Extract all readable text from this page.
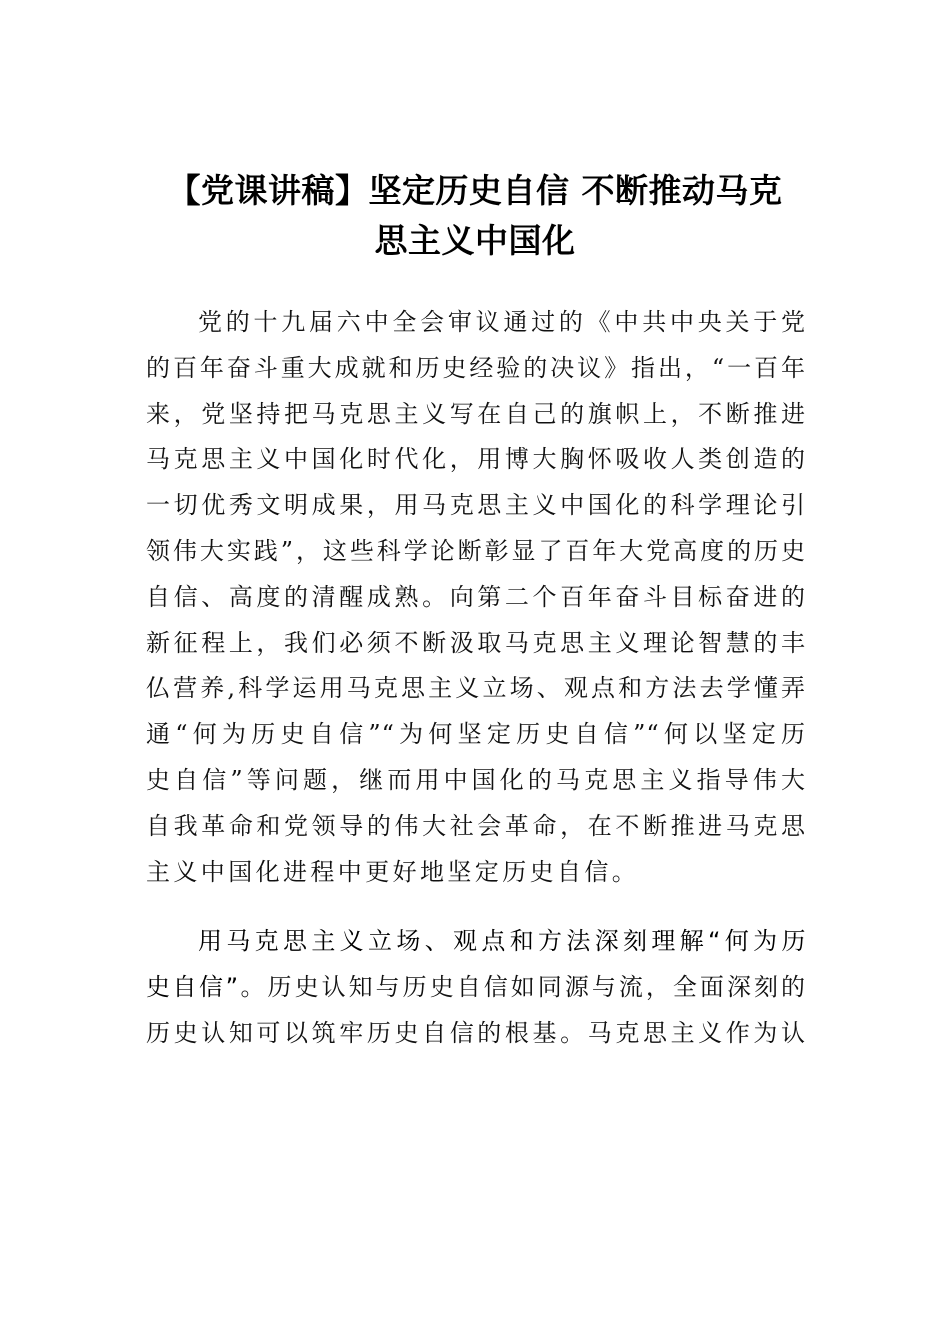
【党课讲稿】坚定历史自信 不断推动马克
思主义中国化
党的十九届六中全会审议通过的《中共中央关于党
的百年奋斗重大成就和历史经验的决议》指出，“一百年
来，党坚持把马克思主义写在自己的旗帜上，不断推进
马克思主义中国化时代化，用博大胸怀吸收人类创造的
一切优秀文明成果，用马克思主义中国化的科学理论引
领伟大实践”，这些科学论断彰显了百年大党高度的历史
自信、高度的清醒成熟。向第二个百年奋斗目标奋进的
新征程上，我们必须不断汲取马克思主义理论智慧的丰
仏营养,科学运用马克思主义立场、观点和方法去学懂弄
通“何为历史自信”“为何坚定历史自信”“何以坚定历
史自信”等问题，继而用中国化的马克思主义指导伟大
自我革命和党领导的伟大社会革命，在不断推进马克思
主义中国化进程中更好地坚定历史自信。
用马克思主义立场、观点和方法深刻理解“何为历
史自信”。历史认知与历史自信如同源与流，全面深刻的
历史认知可以筑牢历史自信的根基。马克思主义作为认
